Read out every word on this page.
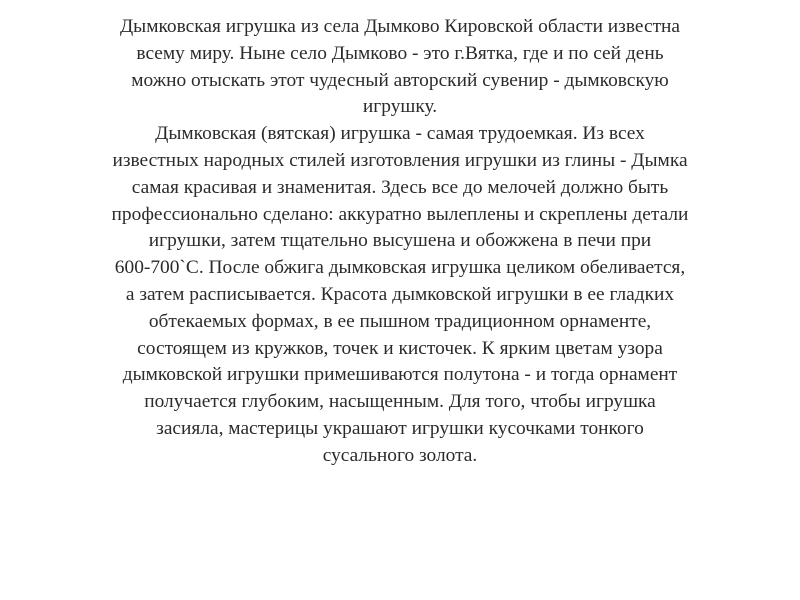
Дымковская игрушка из села Дымково Кировской области известна
всему миру. Ныне село Дымково - это г.Вятка, где и по сей день
можно отыскать этот чудесный авторский сувенир - дымковскую
игрушку.

Дымковская (вятская) игрушка - самая трудоемкая. Из всех
известных народных стилей изготовления игрушки из глины - Дымка
самая красивая и знаменитая. Здесь все до мелочей должно быть
профессионально сделано: аккуратно вылеплены и скреплены детали
игрушки, затем тщательно высушена и обожжена в печи при
600-700`С. После обжига дымковская игрушка целиком обеливается,
а затем расписывается. Красота дымковской игрушки в ее гладких
обтекаемых формах, в ее пышном традиционном орнаменте,
состоящем из кружков, точек и кисточек. К ярким цветам узора
дымковской игрушки примешиваются полутона - и тогда орнамент
получается глубоким, насыщенным. Для того, чтобы игрушка
засияла, мастерицы украшают игрушки кусочками тонкого
сусального золота.
